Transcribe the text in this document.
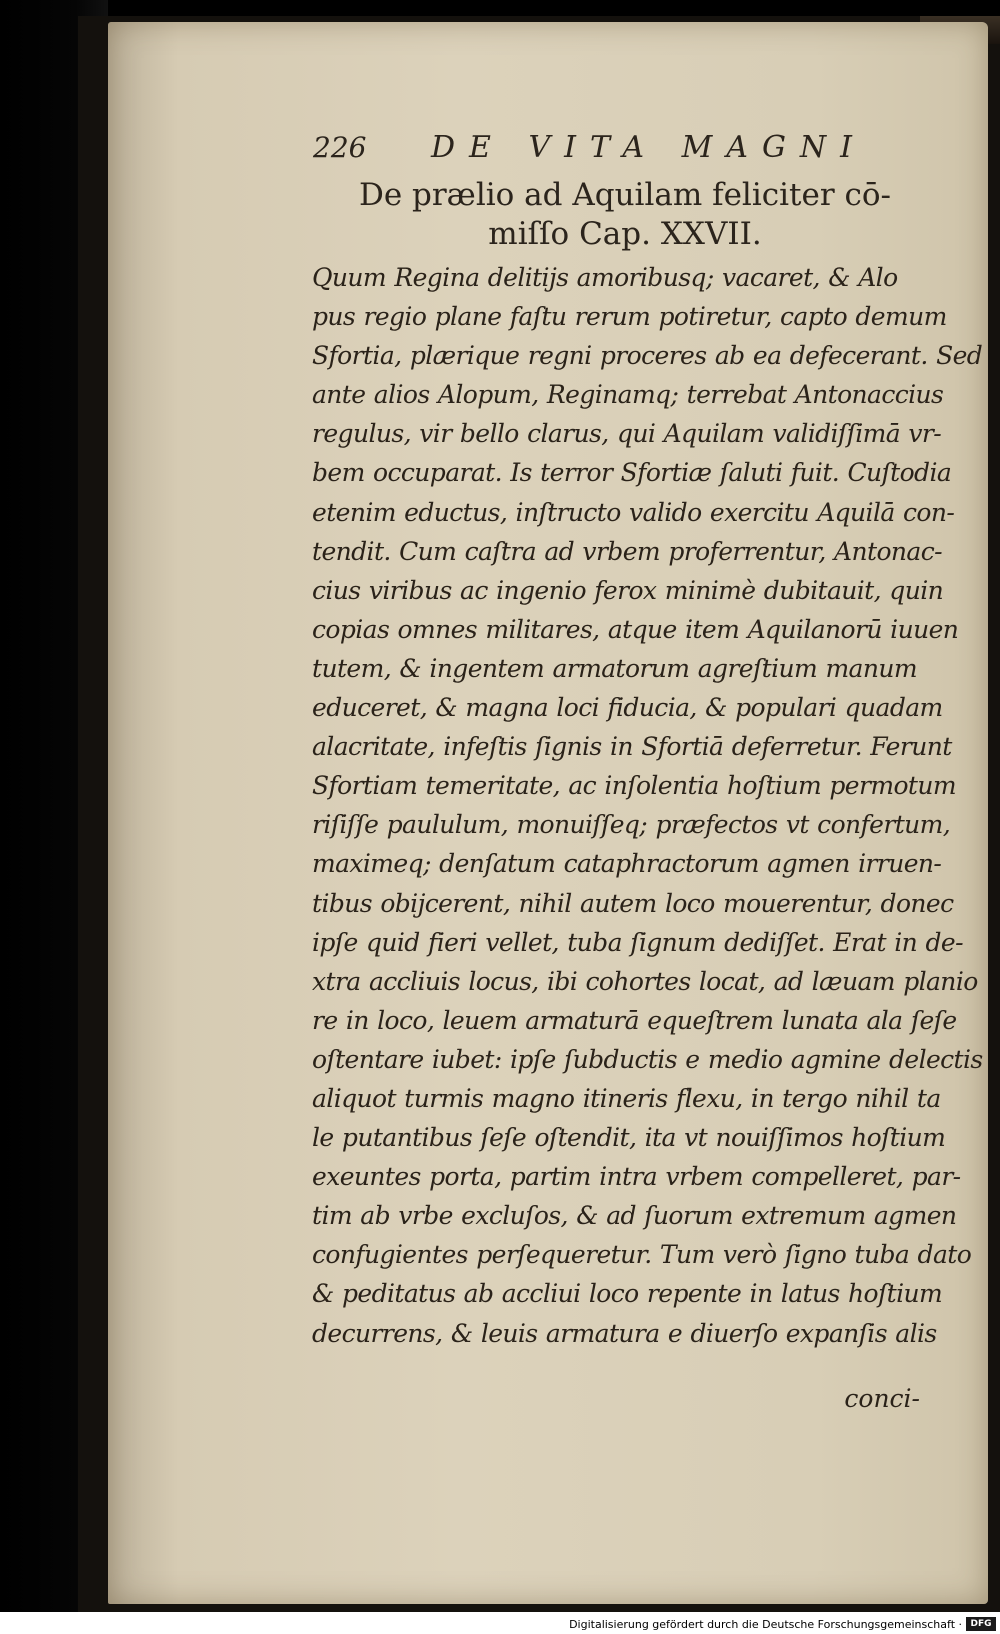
226	DE VITA MAGNI
De prælio ad Aquilam feliciter cō-
miſſo Cap. XXVII.
Quum Regina delitijs amoribusq; vacaret, & Alo
pus regio plane faſtu rerum potiretur, capto demum
Sfortia, plærique regni proceres ab ea defecerant. Sed
ante alios Alopum, Reginamq; terrebat Antonaccius
regulus, vir bello clarus, qui Aquilam validiſſimā vr-
bem occuparat. Is terror Sfortiæ ſaluti fuit. Cuſtodia
etenim eductus, inſtructo valido exercitu Aquilā con-
tendit. Cum caſtra ad vrbem proferrentur, Antonac-
cius viribus ac ingenio ferox minimè dubitauit, quin
copias omnes militares, atque item Aquilanorū iuuen
tutem, & ingentem armatorum agreſtium manum
educeret, & magna loci fiducia, & populari quadam
alacritate, infeſtis ſignis in Sfortiā deferretur. Ferunt
Sfortiam temeritate, ac inſolentia hoſtium permotum
riſiſſe paululum, monuiſſeq; præfectos vt confertum,
maximeq; denſatum cataphractorum agmen irruen-
tibus obijcerent, nihil autem loco mouerentur, donec
ipſe quid fieri vellet, tuba ſignum dediſſet. Erat in de-
xtra accliuis locus, ibi cohortes locat, ad læuam planio
re in loco, leuem armaturā equeſtrem lunata ala ſeſe
oſtentare iubet: ipſe ſubductis e medio agmine delectis
aliquot turmis magno itineris flexu, in tergo nihil ta
le putantibus ſeſe oſtendit, ita vt nouiſſimos hoſtium
exeuntes porta, partim intra vrbem compelleret, par-
tim ab vrbe excluſos, & ad ſuorum extremum agmen
confugientes perſequeretur. Tum verò ſigno tuba dato
& peditatus ab accliui loco repente in latus hoſtium
decurrens, & leuis armatura e diuerſo expanſis alis
conci-
Digitalisierung gefördert durch die Deutsche Forschungsgemeinschaft · DFG
